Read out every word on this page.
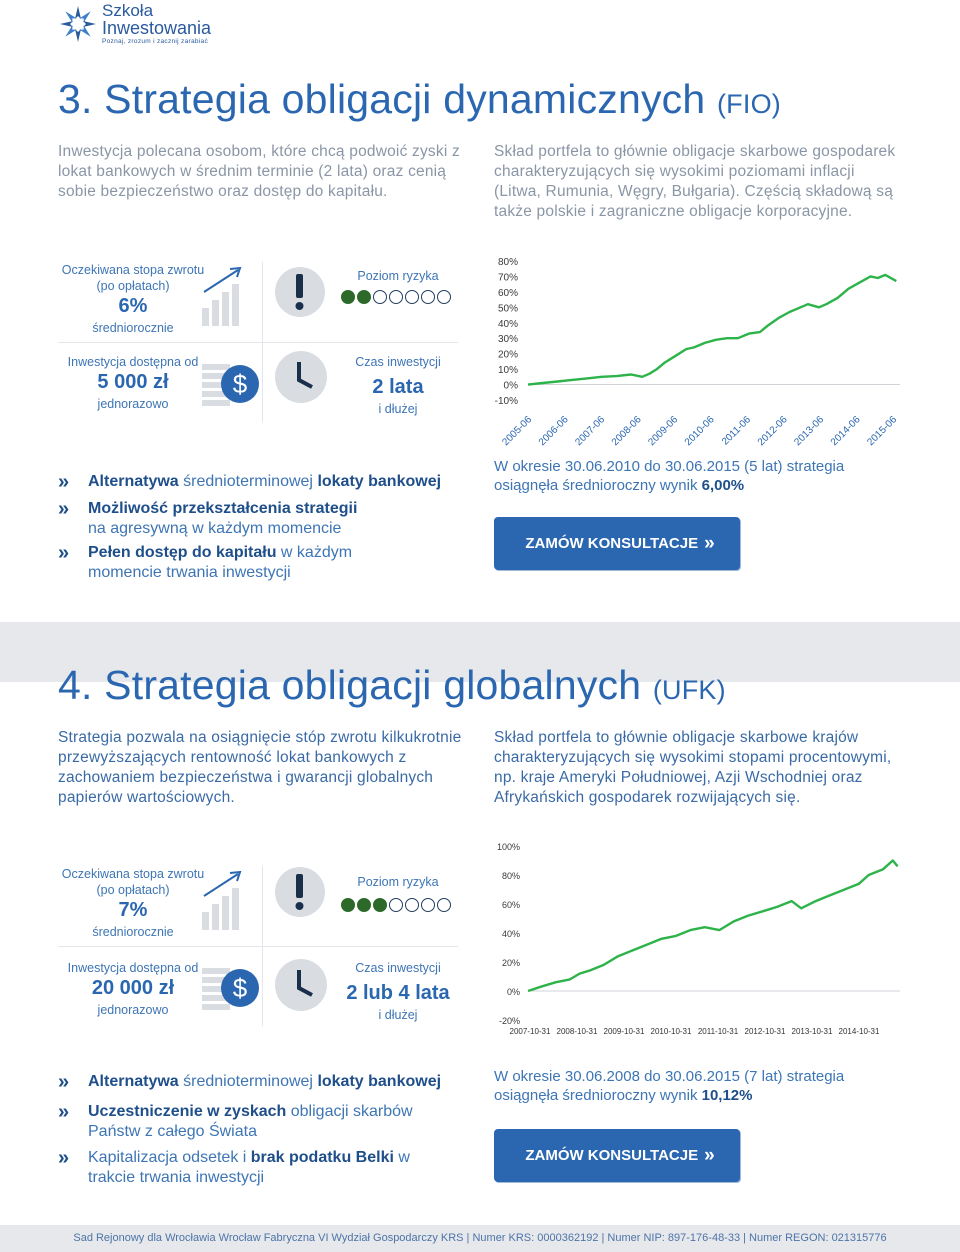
Szkoła
Inwestowania
Poznaj, zrozum i zacznij zarabiać
3. Strategia obligacji dynamicznych (FIO)

Inwestycja polecana osobom, które chcą podwoić zyski z lokat bankowych w średnim terminie (2 lata) oraz cenią sobie bezpieczeństwo oraz dostęp do kapitału.

Skład portfela to głównie obligacje skarbowe gospodarek charakteryzujących się wysokimi poziomami inflacji (Litwa, Rumunia, Węgry, Bułgaria). Częścią składową są także polskie i zagraniczne obligacje korporacyjne.

Oczekiwana stopa zwrotu (po opłatach)
6%
średniorocznie
Poziom ryzyka
Inwestycja dostępna od
5 000 zł
jednorazowo
$
Czas inwestycji
2 lata
i dłużej
80%
70%
60%
50%
40%
30%
20%
10%
0%
-10%
2005-06 2006-06 2007-06 2008-06 2009-06 2010-06 2011-06 2012-06 2013-06 2014-06 2015-06
»	Alternatywa średnioterminowej lokaty bankowej
»	Możliwość przekształcenia strategii
na agresywną w każdym momencie
»	Pełen dostęp do kapitału w każdym
momencie trwania inwestycji
W okresie 30.06.2010 do 30.06.2015 (5 lat) strategia osiągnęła średnioroczny wynik 6,00%
ZAMÓW KONSULTACJE »
4. Strategia obligacji globalnych (UFK)

Strategia pozwala na osiągnięcie stóp zwrotu kilkukrotnie przewyższających rentowność lokat bankowych z zachowaniem bezpieczeństwa i gwarancji globalnych papierów wartościowych.

Skład portfela to głównie obligacje skarbowe krajów charakteryzujących się wysokimi stopami procentowymi, np. kraje Ameryki Południowej, Azji Wschodniej oraz Afrykańskich gospodarek rozwijających się.

Oczekiwana stopa zwrotu (po opłatach)
7%
średniorocznie
Poziom ryzyka
Inwestycja dostępna od
20 000 zł
jednorazowo
$
Czas inwestycji
2 lub 4 lata
i dłużej
100%
80%
60%
40%
20%
0%
-20%
2007-10-31 2008-10-31 2009-10-31 2010-10-31 2011-10-31 2012-10-31 2013-10-31 2014-10-31
»	Alternatywa średnioterminowej lokaty bankowej
»	Uczestniczenie w zyskach obligacji skarbów
Państw z całego Świata
»	Kapitalizacja odsetek i brak podatku Belki w
trakcie trwania inwestycji
W okresie 30.06.2008 do 30.06.2015 (7 lat) strategia osiągnęła średnioroczny wynik 10,12%
ZAMÓW KONSULTACJE »
Sad Rejonowy dla Wrocławia Wrocław Fabryczna VI Wydział Gospodarczy KRS | Numer KRS: 0000362192 | Numer NIP: 897-176-48-33 | Numer REGON: 021315776
